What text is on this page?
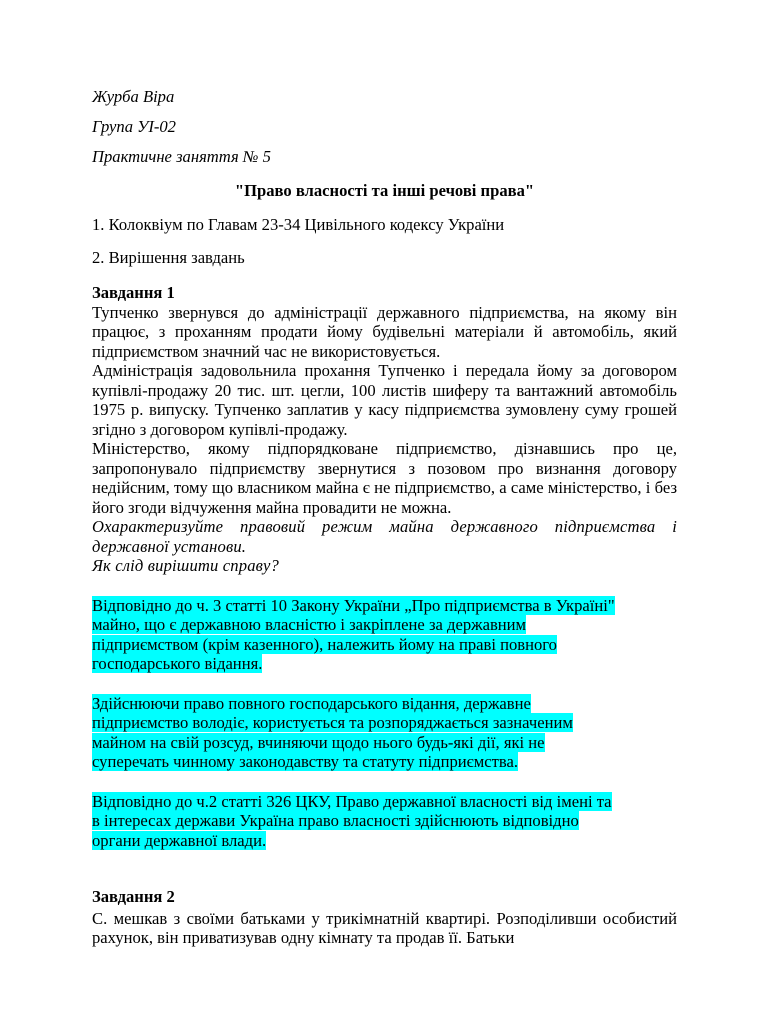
Журба Віра

Група УІ-02

Практичне заняття № 5

"Право власності та інші речові права"

1. Колоквіум по Главам 23-34 Цивільного кодексу України

2. Вирішення завдань

Завдання 1

Тупченко звернувся до адміністрації державного підприємства, на якому він працює, з проханням продати йому будівельні матеріали й автомобіль, який підприємством значний час не використовується.

Адміністрація задовольнила прохання Тупченко і передала йому за договором купівлі-продажу 20 тис. шт. цегли, 100 листів шиферу та вантажний автомобіль 1975 р. випуску. Тупченко заплатив у касу підприємства зумовлену суму грошей згідно з договором купівлі-продажу.

Міністерство, якому підпорядковане підприємство, дізнавшись про це, запропонувало підприємству звернутися з позовом про визнання договору недійсним, тому що власником майна є не підприємство, а саме міністерство, і без його згоди відчуження майна провадити не можна.

Охарактеризуйте правовий режим майна державного підприємства і державної установи.

Як слід вирішити справу?

Відповідно до ч. 3 статті 10 Закону України „Про підприємства в Україні"
майно, що є державною власністю і закріплене за державним
підприємством (крім казенного), належить йому на праві повного
господарського відання.
Здійснюючи право повного господарського відання, державне
підприємство володіє, користується та розпоряджається зазначеним
майном на свій розсуд, вчиняючи щодо нього будь-які дії, які не
суперечать чинному законодавству та статуту підприємства.
Відповідно до ч.2 статті 326 ЦКУ, Право державної власності від імені та
в інтересах держави Україна право власності здійснюють відповідно
органи державної влади.

Завдання 2

С. мешкав з своїми батьками у трикімнатній квартирі. Розподіливши особистий рахунок, він приватизував одну кімнату та продав її. Батьки
